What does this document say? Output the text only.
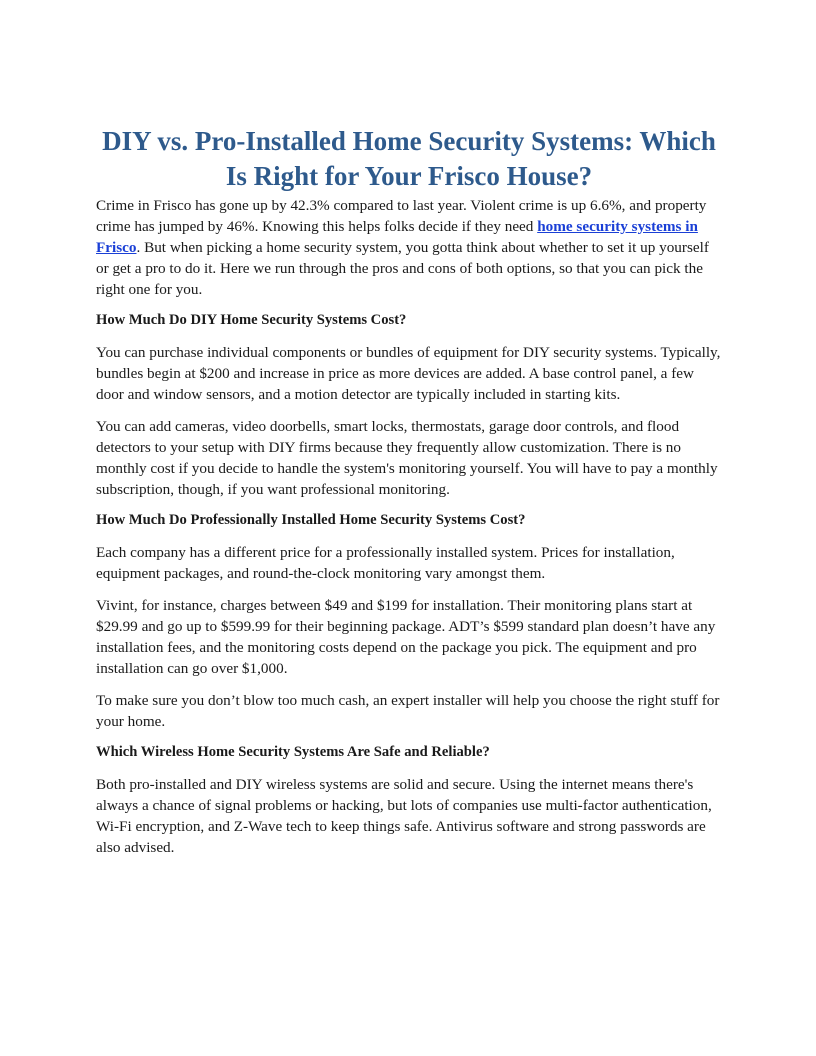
DIY vs. Pro-Installed Home Security Systems: Which Is Right for Your Frisco House?

Crime in Frisco has gone up by 42.3% compared to last year. Violent crime is up 6.6%, and property crime has jumped by 46%. Knowing this helps folks decide if they need home security systems in Frisco. But when picking a home security system, you gotta think about whether to set it up yourself or get a pro to do it. Here we run through the pros and cons of both options, so that you can pick the right one for you.

How Much Do DIY Home Security Systems Cost?

You can purchase individual components or bundles of equipment for DIY security systems. Typically, bundles begin at $200 and increase in price as more devices are added. A base control panel, a few door and window sensors, and a motion detector are typically included in starting kits.

You can add cameras, video doorbells, smart locks, thermostats, garage door controls, and flood detectors to your setup with DIY firms because they frequently allow customization. There is no monthly cost if you decide to handle the system's monitoring yourself. You will have to pay a monthly subscription, though, if you want professional monitoring.

How Much Do Professionally Installed Home Security Systems Cost?

Each company has a different price for a professionally installed system. Prices for installation, equipment packages, and round-the-clock monitoring vary amongst them.

Vivint, for instance, charges between $49 and $199 for installation. Their monitoring plans start at $29.99 and go up to $599.99 for their beginning package. ADT’s $599 standard plan doesn’t have any installation fees, and the monitoring costs depend on the package you pick. The equipment and pro installation can go over $1,000.

To make sure you don’t blow too much cash, an expert installer will help you choose the right stuff for your home.

Which Wireless Home Security Systems Are Safe and Reliable?

Both pro-installed and DIY wireless systems are solid and secure. Using the internet means there's always a chance of signal problems or hacking, but lots of companies use multi-factor authentication, Wi-Fi encryption, and Z-Wave tech to keep things safe. Antivirus software and strong passwords are also advised.
